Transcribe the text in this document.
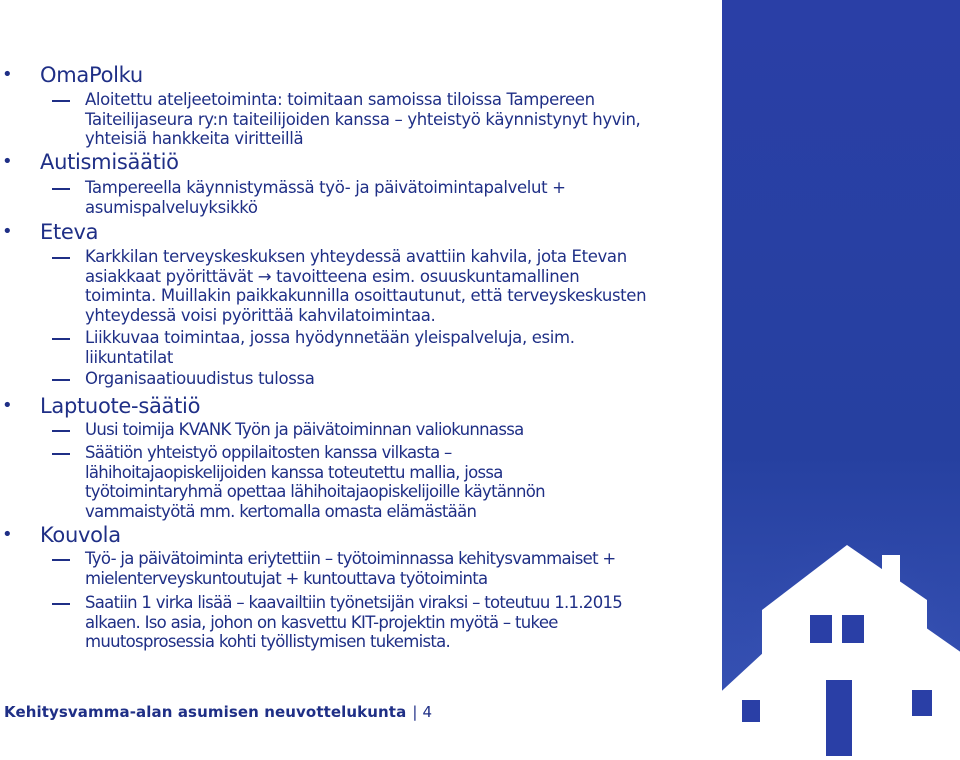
• OmaPolku
Aloitettu ateljeetoiminta: toimitaan samoissa tiloissa Tampereen
Taiteilijaseura ry:n taiteilijoiden kanssa – yhteistyö käynnistynyt hyvin,
yhteisiä hankkeita viritteillä
• Autismisäätiö
Tampereella käynnistymässä työ- ja päivätoimintapalvelut +
asumispalveluyksikkö
• Eteva
Karkkilan terveyskeskuksen yhteydessä avattiin kahvila, jota Etevan
asiakkaat pyörittävät → tavoitteena esim. osuuskuntamallinen
toiminta. Muillakin paikkakunnilla osoittautunut, että terveyskeskusten
yhteydessä voisi pyörittää kahvilatoimintaa.
Liikkuvaa toimintaa, jossa hyödynnetään yleispalveluja, esim.
liikuntatilat
Organisaatiouudistus tulossa
• Laptuote-säätiö
Uusi toimija KVANK Työn ja päivätoiminnan valiokunnassa
Säätiön yhteistyö oppilaitosten kanssa vilkasta –
lähihoitajaopiskelijoiden kanssa toteutettu mallia, jossa
työtoimintaryhmä opettaa lähihoitajaopiskelijoille käytännön
vammaistyötä mm. kertomalla omasta elämästään
• Kouvola
Työ- ja päivätoiminta eriytettiin – työtoiminnassa kehitysvammaiset +
mielenterveyskuntoutujat + kuntouttava työtoiminta
Saatiin 1 virka lisää – kaavailtiin työnetsijän viraksi – toteutuu 1.1.2015
alkaen. Iso asia, johon on kasvettu KIT-projektin myötä – tukee
muutosprosessia kohti työllistymisen tukemista.
Kehitysvamma-alan asumisen neuvottelukunta | 4
